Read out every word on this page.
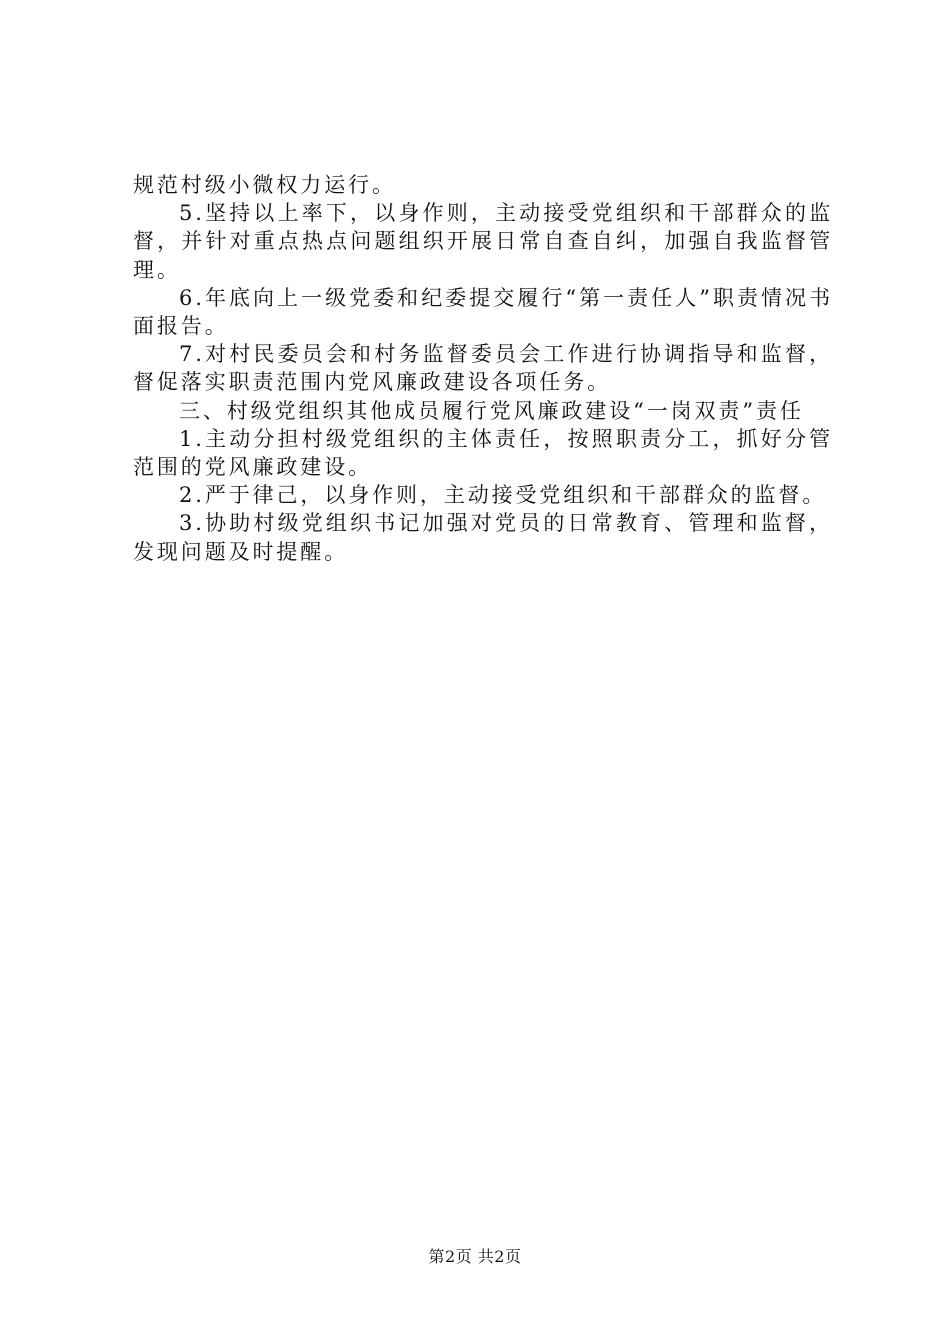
规范村级小微权力运行。

5.坚持以上率下，以身作则，主动接受党组织和干部群众的监督，并针对重点热点问题组织开展日常自查自纠，加强自我监督管理。

6.年底向上一级党委和纪委提交履行“第一责任人”职责情况书面报告。

7.对村民委员会和村务监督委员会工作进行协调指导和监督，督促落实职责范围内党风廉政建设各项任务。

三、村级党组织其他成员履行党风廉政建设“一岗双责”责任

1.主动分担村级党组织的主体责任，按照职责分工，抓好分管范围的党风廉政建设。

2.严于律己，以身作则，主动接受党组织和干部群众的监督。

3.协助村级党组织书记加强对党员的日常教育、管理和监督，发现问题及时提醒。

第2页 共2页
